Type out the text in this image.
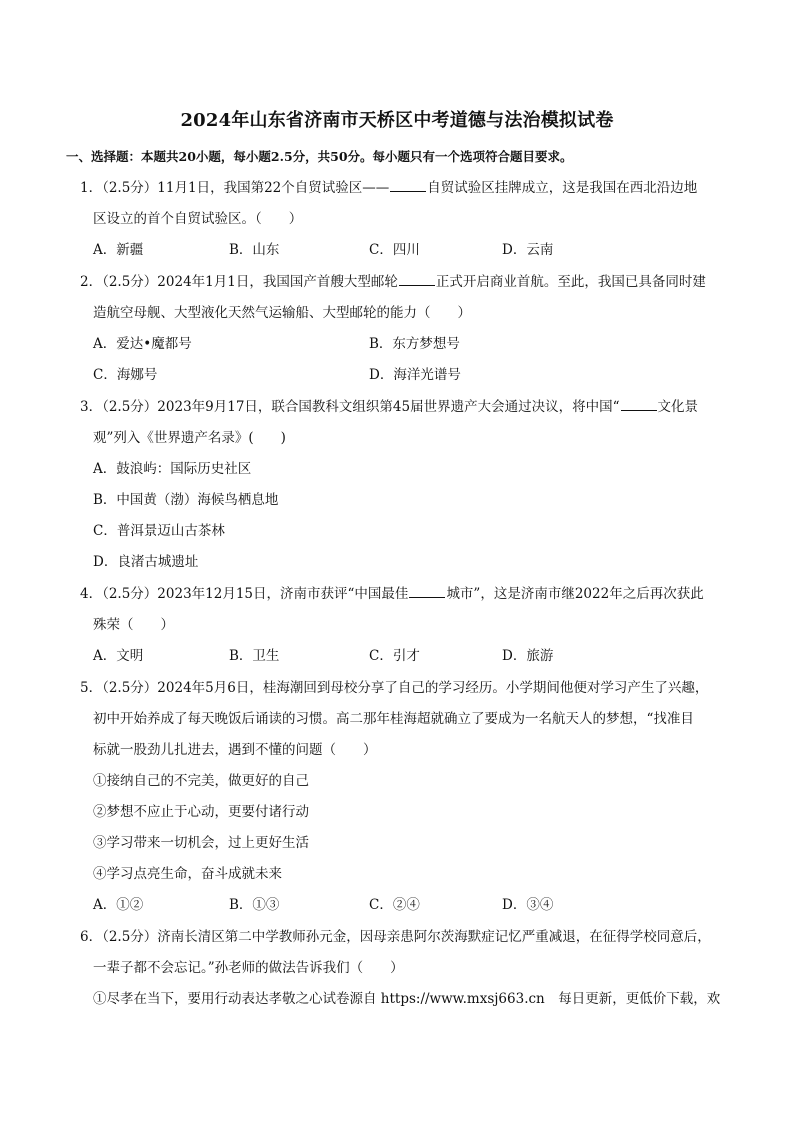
2024年山东省济南市天桥区中考道德与法治模拟试卷
一、选择题：本题共20小题，每小题2.5分，共50分。每小题只有一个选项符合题目要求。
1．（2.5分）11月1日，我国第22个自贸试验区——	自贸试验区挂牌成立，这是我国在西北沿边地
区设立的首个自贸试验区。（　　）
A．新疆	B．山东	C．四川	D．云南
2．（2.5分）2024年1月1日，我国国产首艘大型邮轮	正式开启商业首航。至此，我国已具备同时建
造航空母舰、大型液化天然气运输船、大型邮轮的能力（　　）
A．爱达•魔都号	B．东方梦想号
C．海娜号	D．海洋光谱号
3．（2.5分）2023年9月17日，联合国教科文组织第45届世界遗产大会通过决议，将中国“	文化景
观”列入《世界遗产名录》(　　)
A．鼓浪屿：国际历史社区
B．中国黄（渤）海候鸟栖息地
C．普洱景迈山古茶林
D．良渚古城遗址
4．（2.5分）2023年12月15日，济南市获评“中国最佳	城市”，这是济南市继2022年之后再次获此
殊荣（　　）
A．文明	B．卫生	C．引才	D．旅游
5．（2.5分）2024年5月6日，桂海潮回到母校分享了自己的学习经历。小学期间他便对学习产生了兴趣，
初中开始养成了每天晚饭后诵读的习惯。高二那年桂海超就确立了要成为一名航天人的梦想，“找准目
标就一股劲儿扎进去，遇到不懂的问题（　　）
①接纳自己的不完美，做更好的自己
②梦想不应止于心动，更要付诸行动
③学习带来一切机会，过上更好生活
④学习点亮生命，奋斗成就未来
A．①②	B．①③	C．②④	D．③④
6．（2.5分）济南长清区第二中学教师孙元金，因母亲患阿尔茨海默症记忆严重减退，在征得学校同意后，
一辈子都不会忘记。”孙老师的做法告诉我们（　　）
①尽孝在当下，要用行动表达孝敬之心试卷源自 https://www.mxsj663.cn　每日更新，更低价下载，欢
